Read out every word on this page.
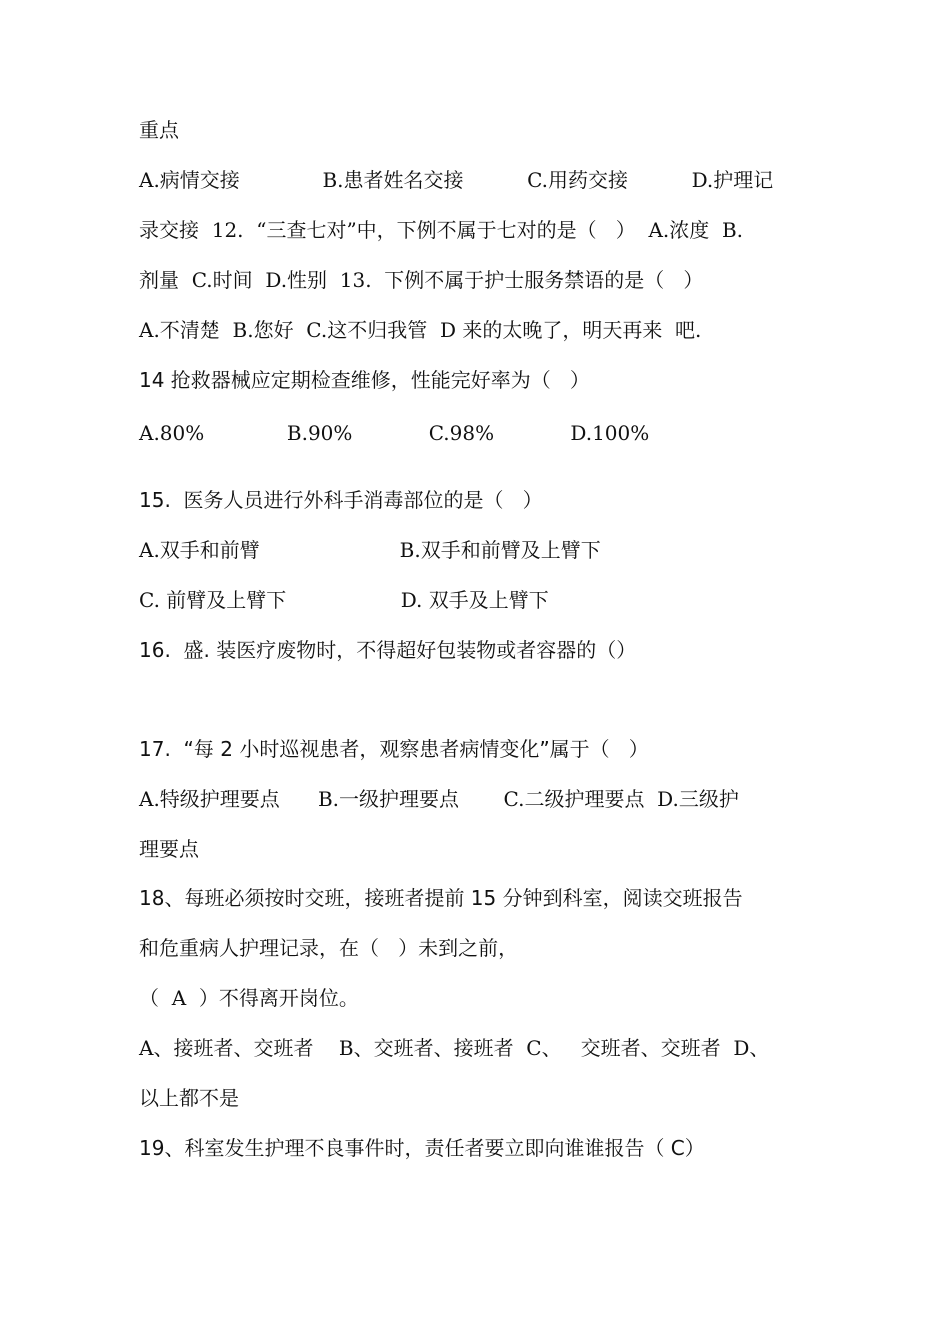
重点

A.病情交接             B.患者姓名交接          C.用药交接          D.护理记

录交接  12.  “三查七对”中，下例不属于七对的是（   ）  A.浓度  B.

剂量  C.时间  D.性别  13.  下例不属于护士服务禁语的是（   ）

A.不清楚  B.您好  C.这不归我管  D 来的太晚了，明天再来  吧.

14 抢救器械应定期检查维修，性能完好率为（   ）

A.80%             B.90%            C.98%            D.100%

15.  医务人员进行外科手消毒部位的是（   ）

A.双手和前臂                      B.双手和前臂及上臂下

C. 前臂及上臂下                  D. 双手及上臂下

16.  盛. 装医疗废物时，不得超好包装物或者容器的（）

17.  “每 2 小时巡视患者，观察患者病情变化”属于（   ）

A.特级护理要点      B.一级护理要点       C.二级护理要点  D.三级护

理要点

18、每班必须按时交班，接班者提前 15 分钟到科室，阅读交班报告

和危重病人护理记录，在（   ）未到之前，

（  A  ）不得离开岗位。

A、接班者、交班者    B、交班者、接班者  C、   交班者、交班者  D、

以上都不是

19、科室发生护理不良事件时，责任者要立即向谁谁报告（ C）
